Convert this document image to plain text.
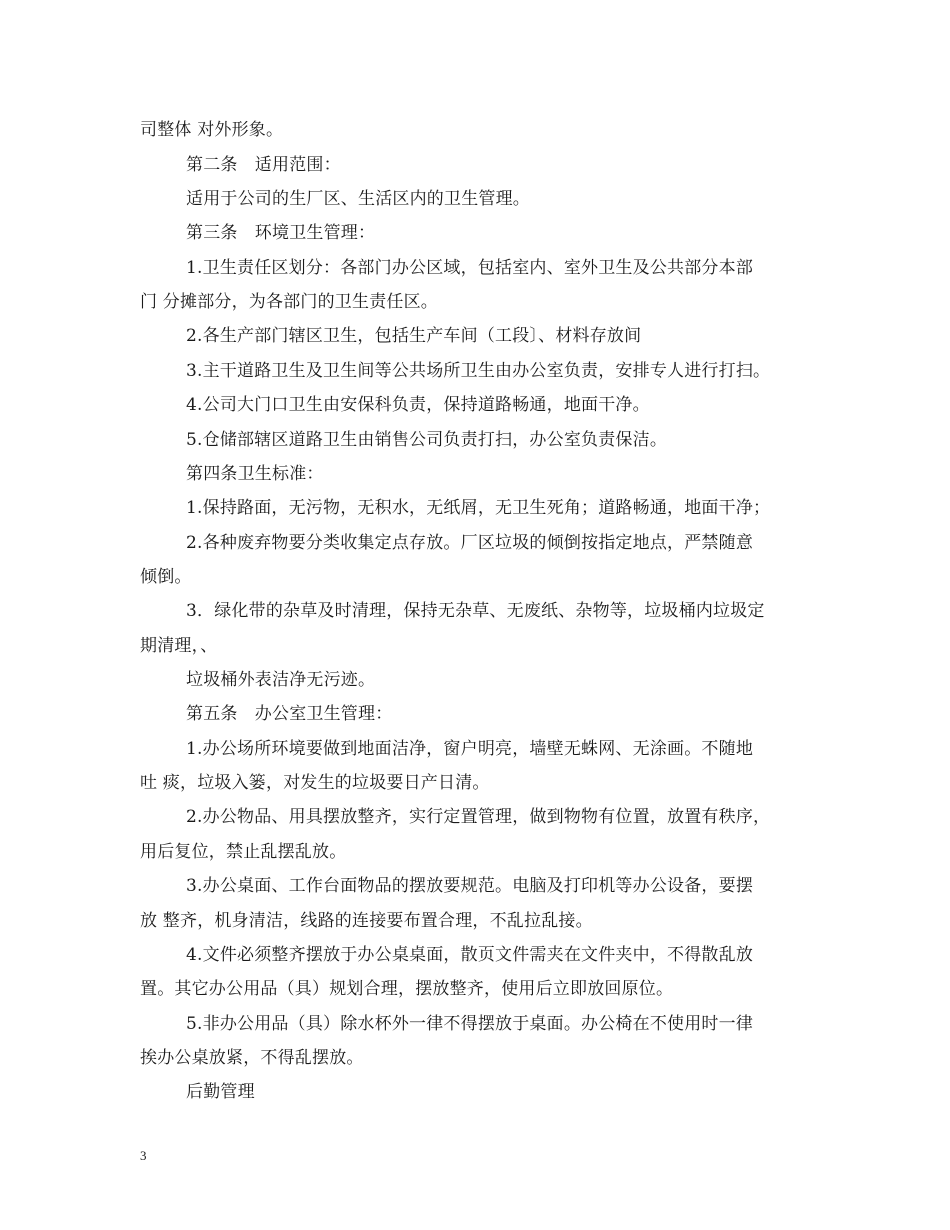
司整体 对外形象。
第二条　适用范围：
适用于公司的生厂区、生活区内的卫生管理。
第三条　环境卫生管理：
1.卫生责任区划分：各部门办公区域，包括室内、室外卫生及公共部分本部
门 分摊部分，为各部门的卫生责任区。
2.各生产部门辖区卫生，包括生产车间（工段〕、材料存放间
3.主干道路卫生及卫生间等公共场所卫生由办公室负责，安排专人进行打扫。
4.公司大门口卫生由安保科负责，保持道路畅通，地面干净。
5.仓储部辖区道路卫生由销售公司负责打扫，办公室负责保洁。
第四条卫生标准：
1.保持路面，无污物，无积水，无纸屑，无卫生死角；道路畅通，地面干净；
2.各种废弃物要分类收集定点存放。厂区垃圾的倾倒按指定地点，严禁随意
倾倒。
3．绿化带的杂草及时清理，保持无杂草、无废纸、杂物等，垃圾桶内垃圾定
期清理，、
垃圾桶外表洁净无污迹。
第五条　办公室卫生管理：
1.办公场所环境要做到地面洁净，窗户明亮，墙壁无蛛网、无涂画。不随地
吐 痰，垃圾入篓，对发生的垃圾要日产日清。
2.办公物品、用具摆放整齐，实行定置管理，做到物物有位置，放置有秩序，
用后复位，禁止乱摆乱放。
3.办公桌面、工作台面物品的摆放要规范。电脑及打印机等办公设备，要摆
放 整齐，机身清洁，线路的连接要布置合理，不乱拉乱接。
4.文件必须整齐摆放于办公桌桌面，散页文件需夹在文件夹中，不得散乱放
置。其它办公用品（具）规划合理，摆放整齐，使用后立即放回原位。
5.非办公用品（具）除水杯外一律不得摆放于桌面。办公椅在不使用时一律
挨办公桌放紧，不得乱摆放。
后勤管理
3
